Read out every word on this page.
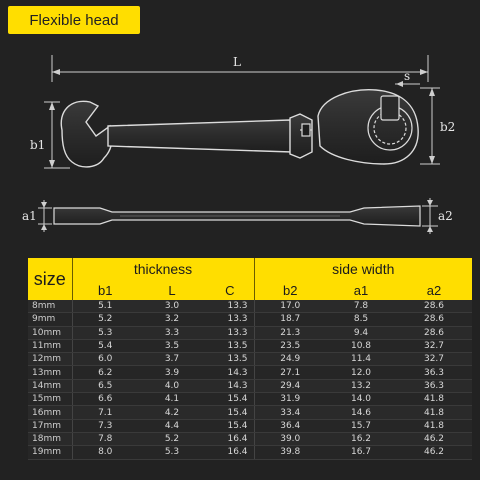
Flexible head
L
s
b1
b2
a1	a2
size	thickness			side width		
	b1	L	C	b2	a1	a2
8mm	5.1	3.0	13.3	17.0	7.8	28.6
9mm	5.2	3.2	13.3	18.7	8.5	28.6
10mm	5.3	3.3	13.3	21.3	9.4	28.6
11mm	5.4	3.5	13.5	23.5	10.8	32.7
12mm	6.0	3.7	13.5	24.9	11.4	32.7
13mm	6.2	3.9	14.3	27.1	12.0	36.3
14mm	6.5	4.0	14.3	29.4	13.2	36.3
15mm	6.6	4.1	15.4	31.9	14.0	41.8
16mm	7.1	4.2	15.4	33.4	14.6	41.8
17mm	7.3	4.4	15.4	36.4	15.7	41.8
18mm	7.8	5.2	16.4	39.0	16.2	46.2
19mm	8.0	5.3	16.4	39.8	16.7	46.2
